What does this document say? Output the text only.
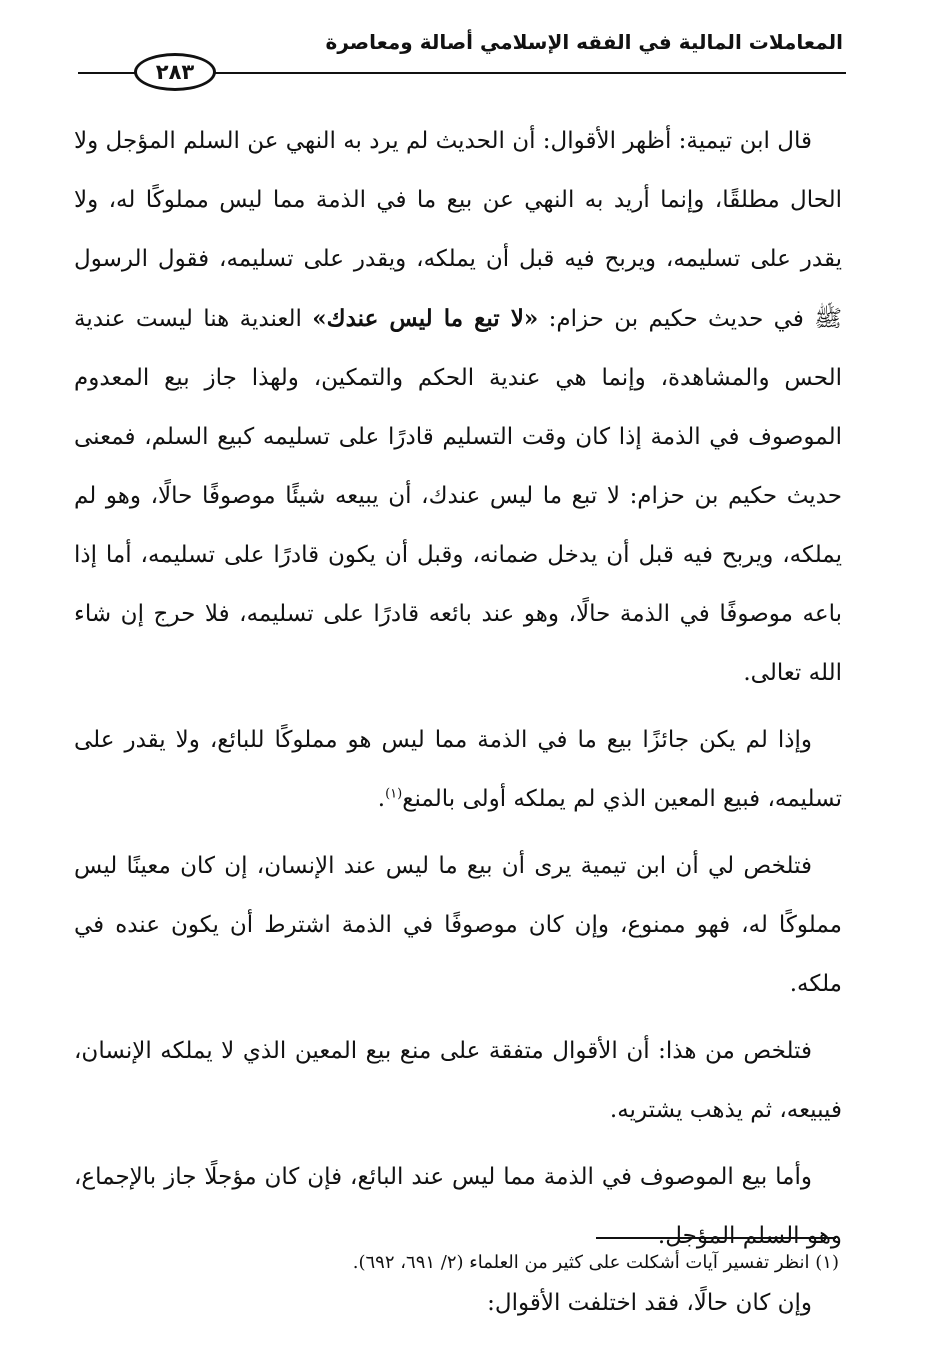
المعاملات المالية في الفقه الإسلامي أصالة ومعاصرة
٢٨٣

قال ابن تيمية: أظهر الأقوال: أن الحديث لم يرد به النهي عن السلم المؤجل ولا الحال مطلقًا، وإنما أريد به النهي عن بيع ما في الذمة مما ليس مملوكًا له، ولا يقدر على تسليمه، ويربح فيه قبل أن يملكه، ويقدر على تسليمه، فقول الرسول ﷺ في حديث حكيم بن حزام: «لا تبع ما ليس عندك» العندية هنا ليست عندية الحس والمشاهدة، وإنما هي عندية الحكم والتمكين، ولهذا جاز بيع المعدوم الموصوف في الذمة إذا كان وقت التسليم قادرًا على تسليمه كبيع السلم، فمعنى حديث حكيم بن حزام: لا تبع ما ليس عندك، أن يبيعه شيئًا موصوفًا حالًا، وهو لم يملكه، ويربح فيه قبل أن يدخل ضمانه، وقبل أن يكون قادرًا على تسليمه، أما إذا باعه موصوفًا في الذمة حالًا، وهو عند بائعه قادرًا على تسليمه، فلا حرج إن شاء الله تعالى.

وإذا لم يكن جائزًا بيع ما في الذمة مما ليس هو مملوكًا للبائع، ولا يقدر على تسليمه، فبيع المعين الذي لم يملكه أولى بالمنع$^{(١)}$.

فتلخص لي أن ابن تيمية يرى أن بيع ما ليس عند الإنسان، إن كان معينًا ليس مملوكًا له، فهو ممنوع، وإن كان موصوفًا في الذمة اشترط أن يكون عنده في ملكه.

فتلخص من هذا: أن الأقوال متفقة على منع بيع المعين الذي لا يملكه الإنسان، فيبيعه، ثم يذهب يشتريه.

وأما بيع الموصوف في الذمة مما ليس عند البائع، فإن كان مؤجلًا جاز بالإجماع، وهو السلم المؤجل.

وإن كان حالًا، فقد اختلفت الأقوال:

(١) انظر تفسير آيات أشكلت على كثير من العلماء (٢/ ٦٩١، ٦٩٢).
